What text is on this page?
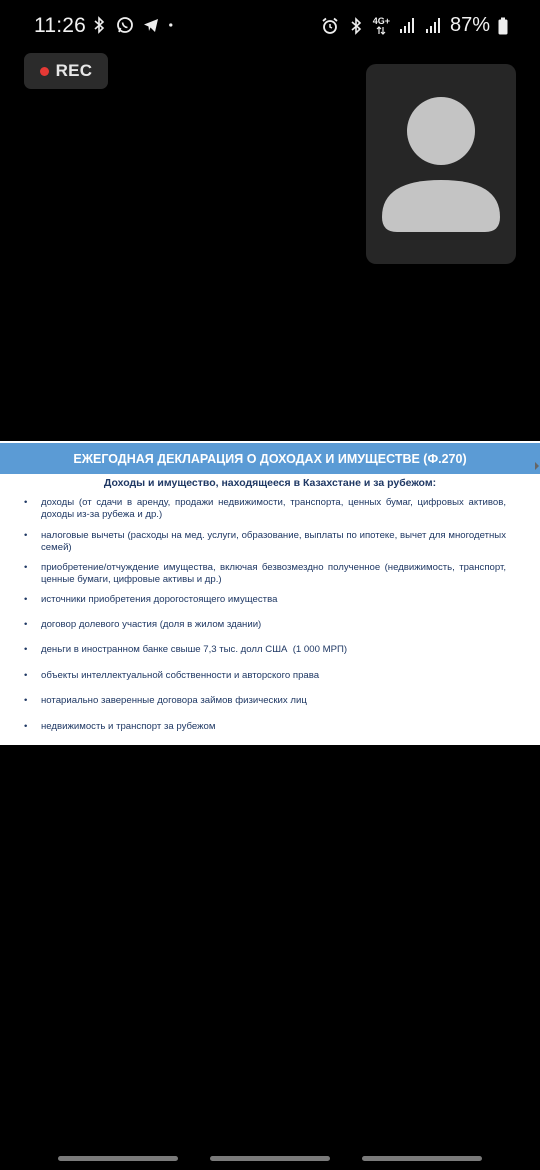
11:26	4G+	87%
REC
ЕЖЕГОДНАЯ ДЕКЛАРАЦИЯ О ДОХОДАХ И ИМУЩЕСТВЕ (Ф.270)
Доходы и имущество, находящееся в Казахстане и за рубежом:
•	доходы (от сдачи в аренду, продажи недвижимости, транспорта, ценных бумаг, цифровых активов, доходы из-за рубежа и др.)
•	налоговые вычеты (расходы на мед. услуги, образование, выплаты по ипотеке, вычет для многодетных семей)
•	приобретение/отчуждение имущества, включая безвозмездно полученное (недвижимость, транспорт, ценные бумаги, цифровые активы и др.)
•	источники приобретения дорогостоящего имущества
•	договор долевого участия (доля в жилом здании)
•	деньги в иностранном банке свыше 7,3 тыс. долл США  (1 000 МРП)
•	объекты интеллектуальной собственности и авторского права
•	нотариально заверенные договора займов физических лиц
•	недвижимость и транспорт за рубежом
